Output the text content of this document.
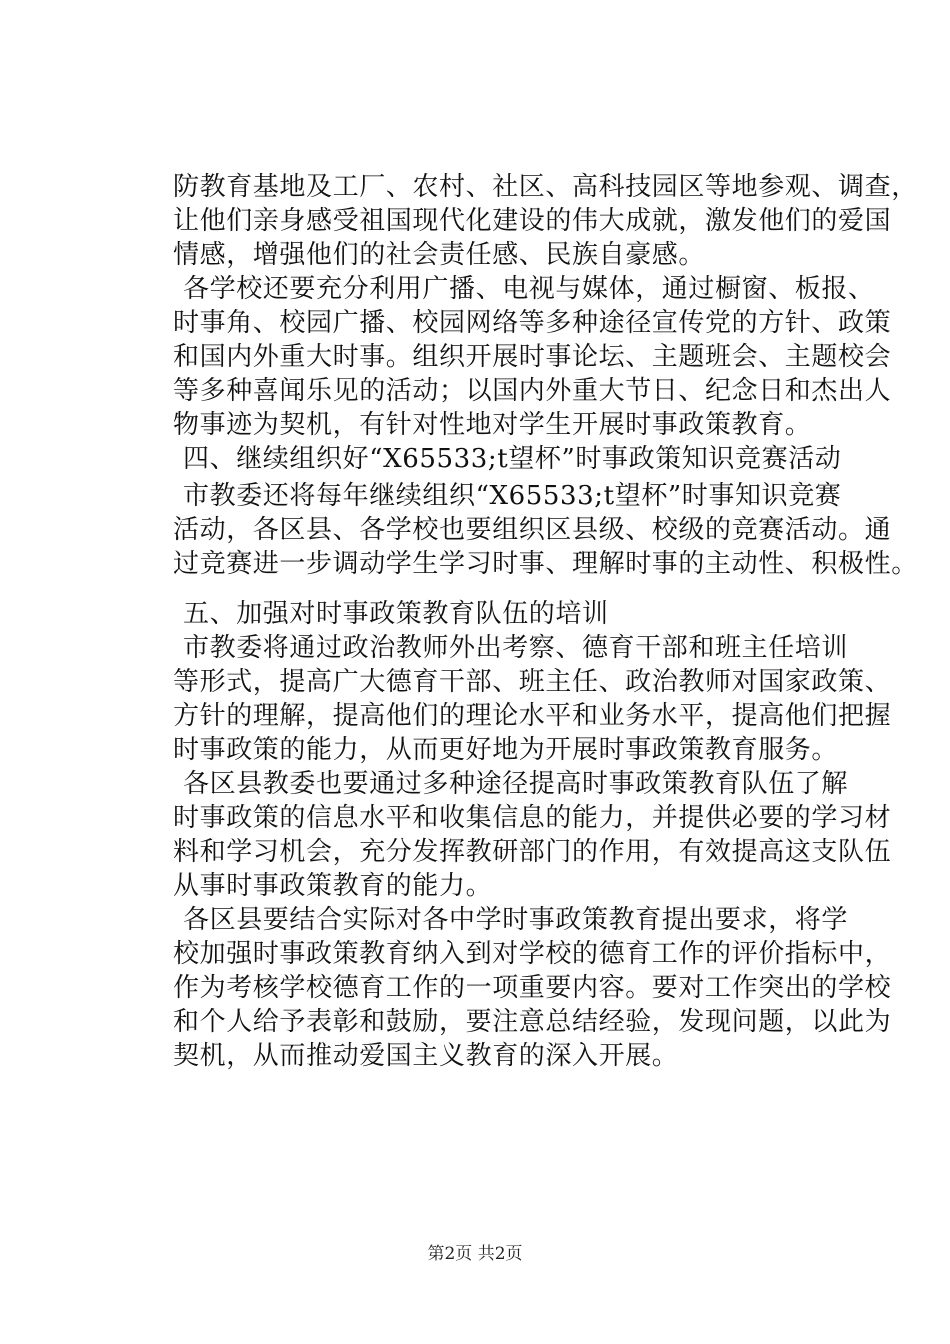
防教育基地及工厂、农村、社区、高科技园区等地参观、调查，
让他们亲身感受祖国现代化建设的伟大成就，激发他们的爱国
情感，增强他们的社会责任感、民族自豪感。
各学校还要充分利用广播、电视与媒体，通过橱窗、板报、
时事角、校园广播、校园网络等多种途径宣传党的方针、政策
和国内外重大时事。组织开展时事论坛、主题班会、主题校会
等多种喜闻乐见的活动；以国内外重大节日、纪念日和杰出人
物事迹为契机，有针对性地对学生开展时事政策教育。
四、继续组织好“X65533;t望杯”时事政策知识竞赛活动
市教委还将每年继续组织“X65533;t望杯”时事知识竞赛
活动，各区县、各学校也要组织区县级、校级的竞赛活动。通
过竞赛进一步调动学生学习时事、理解时事的主动性、积极性。
五、加强对时事政策教育队伍的培训
市教委将通过政治教师外出考察、德育干部和班主任培训
等形式，提高广大德育干部、班主任、政治教师对国家政策、
方针的理解，提高他们的理论水平和业务水平，提高他们把握
时事政策的能力，从而更好地为开展时事政策教育服务。
各区县教委也要通过多种途径提高时事政策教育队伍了解
时事政策的信息水平和收集信息的能力，并提供必要的学习材
料和学习机会，充分发挥教研部门的作用，有效提高这支队伍
从事时事政策教育的能力。
各区县要结合实际对各中学时事政策教育提出要求，将学
校加强时事政策教育纳入到对学校的德育工作的评价指标中，
作为考核学校德育工作的一项重要内容。要对工作突出的学校
和个人给予表彰和鼓励，要注意总结经验，发现问题，以此为
契机，从而推动爱国主义教育的深入开展。
第2页 共2页
